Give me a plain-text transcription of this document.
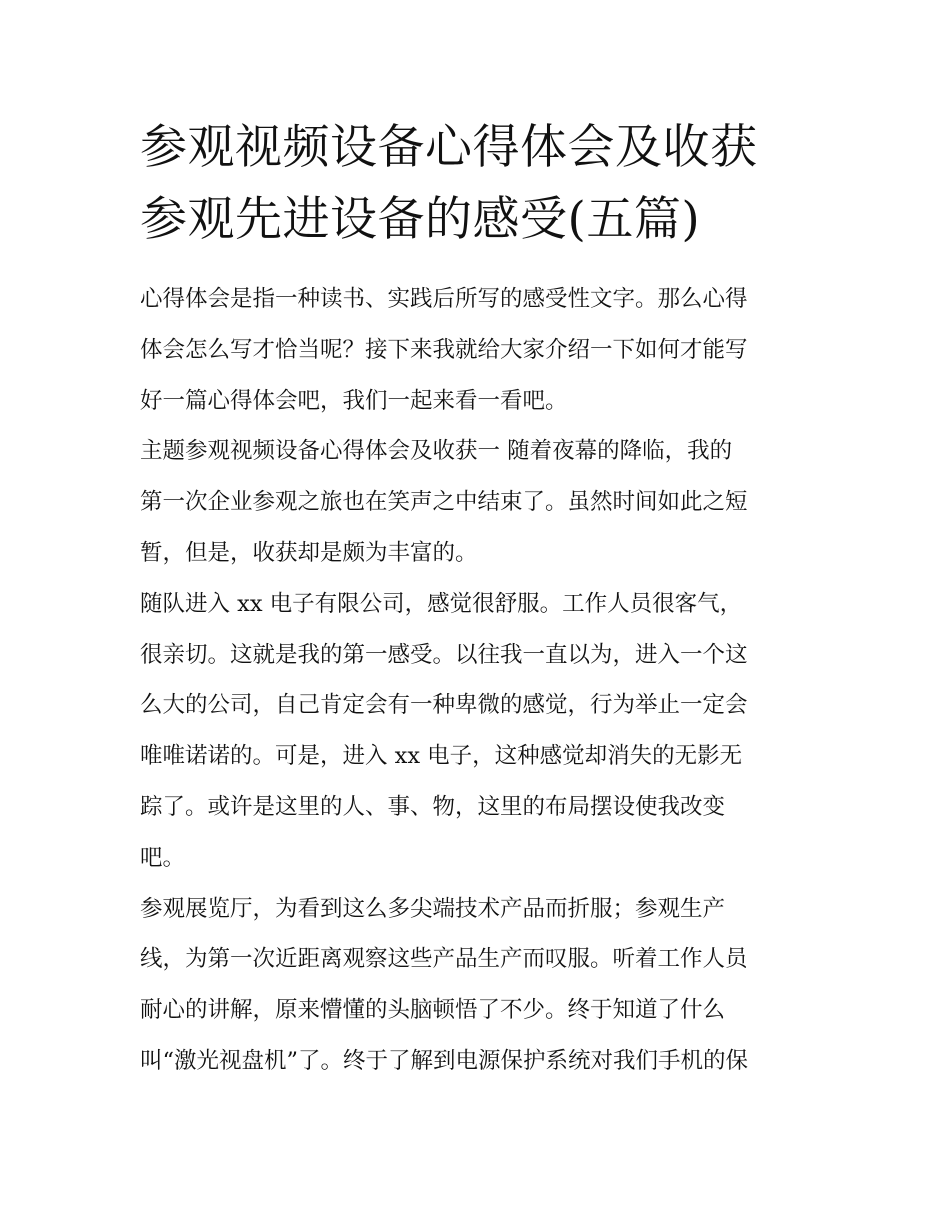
参观视频设备心得体会及收获
参观先进设备的感受(五篇)

心得体会是指一种读书、实践后所写的感受性文字。那么心得
体会怎么写才恰当呢？接下来我就给大家介绍一下如何才能写
好一篇心得体会吧，我们一起来看一看吧。

主题参观视频设备心得体会及收获一 随着夜幕的降临，我的
第一次企业参观之旅也在笑声之中结束了。虽然时间如此之短
暂，但是，收获却是颇为丰富的。

随队进入 xx 电子有限公司，感觉很舒服。工作人员很客气，
很亲切。这就是我的第一感受。以往我一直以为，进入一个这
么大的公司，自己肯定会有一种卑微的感觉，行为举止一定会
唯唯诺诺的。可是，进入 xx 电子，这种感觉却消失的无影无
踪了。或许是这里的人、事、物，这里的布局摆设使我改变
吧。

参观展览厅，为看到这么多尖端技术产品而折服；参观生产
线，为第一次近距离观察这些产品生产而叹服。听着工作人员
耐心的讲解，原来懵懂的头脑顿悟了不少。终于知道了什么
叫“激光视盘机”了。终于了解到电源保护系统对我们手机的保
